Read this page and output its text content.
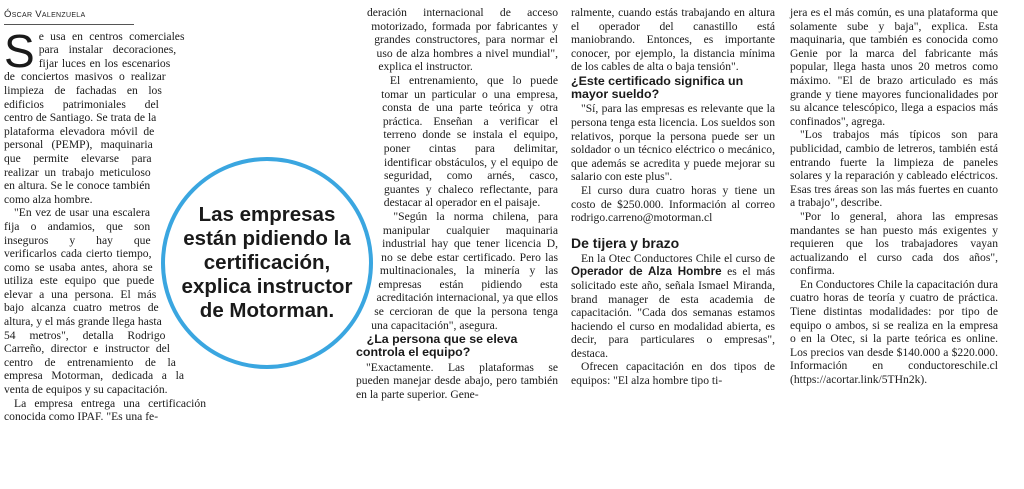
Óscar Valenzuela

Se usa en centros comerciales para instalar decoraciones, fijar luces en los escenarios de conciertos masivos o realizar limpieza de fachadas en los edificios patrimoniales del centro de Santiago. Se trata de la plataforma elevadora móvil de personal (PEMP), maquinaria que permite elevarse para realizar un trabajo meticuloso en altura. Se le conoce también como alza hombre.

"En vez de usar una escalera fija o andamios, que son inseguros y hay que verificarlos cada cierto tiempo, como se usaba antes, ahora se utiliza este equipo que puede elevar a una persona. El más bajo alcanza cuatro metros de altura, y el más grande llega hasta 54 metros", detalla Rodrigo Carreño, director e instructor del centro de entrenamiento de la empresa Motorman, dedicada a la venta de equipos y su capacitación.

La empresa entrega una certificación conocida como IPAF. "Es una fe-

deración internacional de acceso motorizado, formada por fabricantes y grandes constructores, para normar el uso de alza hombres a nivel mundial", explica el instructor.

El entrenamiento, que lo puede tomar un particular o una empresa, consta de una parte teórica y otra práctica. Enseñan a verificar el terreno donde se instala el equipo, poner cintas para delimitar, identificar obstáculos, y el equipo de seguridad, como arnés, casco, guantes y chaleco reflectante, para destacar al operador en el paisaje.

"Según la norma chilena, para manipular cualquier maquinaria industrial hay que tener licencia D, no se debe estar certificado. Pero las multinacionales, la minería y las empresas están pidiendo esta acreditación internacional, ya que ellos se cercioran de que la persona tenga una capacitación", asegura.

¿La persona que se eleva controla el equipo?

"Exactamente. Las plataformas se pueden manejar desde abajo, pero también en la parte superior. Gene-

ralmente, cuando estás trabajando en altura el operador del canastillo está maniobrando. Entonces, es importante conocer, por ejemplo, la distancia mínima de los cables de alta o baja tensión".

¿Este certificado significa un mayor sueldo?

"Sí, para las empresas es relevante que la persona tenga esta licencia. Los sueldos son relativos, porque la persona puede ser un soldador o un técnico eléctrico o mecánico, que además se acredita y puede mejorar su salario con este plus".

El curso dura cuatro horas y tiene un costo de $250.000. Información al correo rodrigo.carreno@motorman.cl

De tijera y brazo

En la Otec Conductores Chile el curso de Operador de Alza Hombre es el más solicitado este año, señala Ismael Miranda, brand manager de esta academia de capacitación. "Cada dos semanas estamos haciendo el curso en modalidad abierta, es decir, para particulares o empresas", destaca.

Ofrecen capacitación en dos tipos de equipos: "El alza hombre tipo ti-

jera es el más común, es una plataforma que solamente sube y baja", explica. Esta maquinaria, que también es conocida como Genie por la marca del fabricante más popular, llega hasta unos 20 metros como máximo. "El de brazo articulado es más grande y tiene mayores funcionalidades por su alcance telescópico, llega a espacios más confinados", agrega.

"Los trabajos más típicos son para publicidad, cambio de letreros, también está entrando fuerte la limpieza de paneles solares y la reparación y cableado eléctricos. Esas tres áreas son las más fuertes en cuanto a trabajo", describe.

"Por lo general, ahora las empresas mandantes se han puesto más exigentes y requieren que los trabajadores vayan actualizando el curso cada dos años", confirma.

En Conductores Chile la capacitación dura cuatro horas de teoría y cuatro de práctica. Tiene distintas modalidades: por tipo de equipo o ambos, si se realiza en la empresa o en la Otec, si la parte teórica es online. Los precios van desde $140.000 a $220.000. Información en conductoreschile.cl (https://acortar.link/5THn2k).

Las empresas están pidiendo la certificación, explica instructor de Motorman.
